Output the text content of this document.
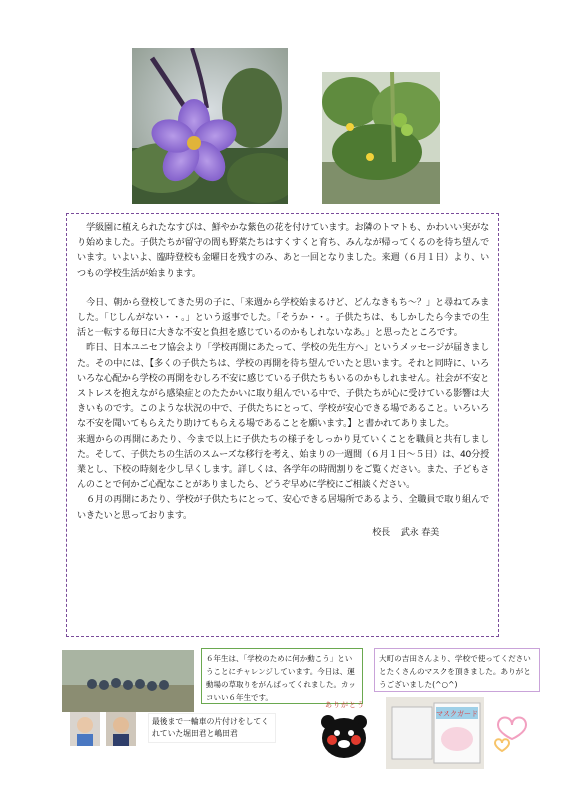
学級園に植えられたなすびは、鮮やかな紫色の花を付けています。お隣のトマトも、かわいい実がなり始めました。子供たちが留守の間も野菜たちはすくすくと育ち、みんなが帰ってくるのを待ち望んでいます。いよいよ、臨時登校も金曜日を残すのみ、あと一回となりました。来週（６月１日）より、いつもの学校生活が始まります。

今日、朝から登校してきた男の子に、「来週から学校始まるけど、どんなきもち～？」と尋ねてみました。「じしんがない・・。」という返事でした。「そうか・・。子供たちは、もしかしたら今までの生活と一転する毎日に大きな不安と負担を感じているのかもしれないなあ。」と思ったところです。

昨日、日本ユニセフ協会より「学校再開にあたって、学校の先生方へ」というメッセージが届きました。その中には、【多くの子供たちは、学校の再開を待ち望んでいたと思います。それと同時に、いろいろな心配から学校の再開をむしろ不安に感じている子供たちもいるのかもしれません。社会が不安とストレスを抱えながら感染症とのたたかいに取り組んでいる中で、子供たちが心に受けている影響は大きいものです。このような状況の中で、子供たちにとって、学校が安心できる場であること。いろいろな不安を聞いてもらえたり助けてもらえる場であることを願います。】と書かれてありました。

来週からの再開にあたり、今まで以上に子供たちの様子をしっかり見ていくことを職員と共有しました。そして、子供たちの生活のスムーズな移行を考え、始まりの一週間（６月１日～５日）は、40分授業とし、下校の時刻を少し早くします。詳しくは、各学年の時間割りをご覧ください。また、子どもさんのことで何かご心配なことがありましたら、どうぞ早めに学校にご相談ください。

６月の再開にあたり、学校が子供たちにとって、安心できる居場所であるよう、全職員で取り組んでいきたいと思っております。

校長 武永 春美
最後まで一輪車の片付けをしてくれていた堀田君と嶋田君
６年生は、「学校のために何か動こう」ということにチャレンジしています。今日は、運動場の草取りをがんばってくれました。カッコいい６年生です。
大町の吉田さんより、学校で使ってくださいとたくさんのマスクを頂きました。ありがとうございました(^○^)
ありがとう
マスクガード
